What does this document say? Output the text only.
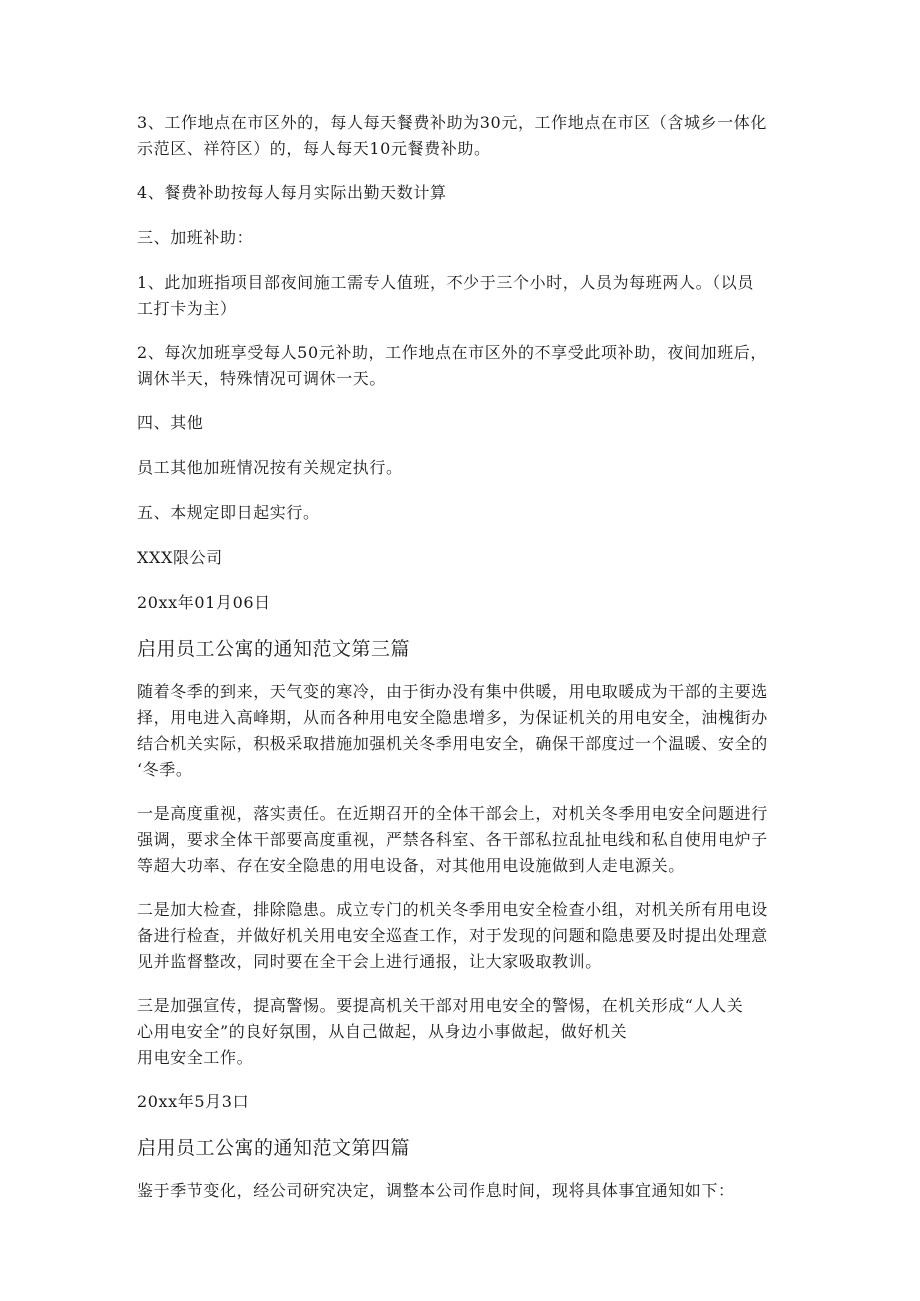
3、工作地点在市区外的，每人每天餐费补助为30元，工作地点在市区（含城乡一体化
示范区、祥符区）的，每人每天10元餐费补助。

4、餐费补助按每人每月实际出勤天数计算

三、加班补助：

1、此加班指项目部夜间施工需专人值班，不少于三个小时，人员为每班两人。（以员
工打卡为主）

2、每次加班享受每人50元补助，工作地点在市区外的不享受此项补助，夜间加班后，
调休半天，特殊情况可调休一天。

四、其他

员工其他加班情况按有关规定执行。

五、本规定即日起实行。

XXX限公司

20xx年01月06日

启用员工公寓的通知范文第三篇

随着冬季的到来，天气变的寒冷，由于街办没有集中供暖，用电取暖成为干部的主要选
择，用电进入高峰期，从而各种用电安全隐患增多，为保证机关的用电安全，油槐街办
结合机关实际，积极采取措施加强机关冬季用电安全，确保干部度过一个温暖、安全的
‘冬季。

一是高度重视，落实责任。在近期召开的全体干部会上，对机关冬季用电安全问题进行
强调，要求全体干部要高度重视，严禁各科室、各干部私拉乱扯电线和私自使用电炉子
等超大功率、存在安全隐患的用电设备，对其他用电设施做到人走电源关。

二是加大检查，排除隐患。成立专门的机关冬季用电安全检查小组，对机关所有用电设
备进行检查，并做好机关用电安全巡查工作，对于发现的问题和隐患要及时提出处理意
见并监督整改，同时要在全干会上进行通报，让大家吸取教训。

三是加强宣传，提高警惕。要提高机关干部对用电安全的警惕，在机关形成“人人关
心用电安全”的良好氛围，从自己做起，从身边小事做起，做好机关
用电安全工作。

20xx年5月3口

启用员工公寓的通知范文第四篇

鉴于季节变化，经公司研究决定，调整本公司作息时间，现将具体事宜通知如下：
